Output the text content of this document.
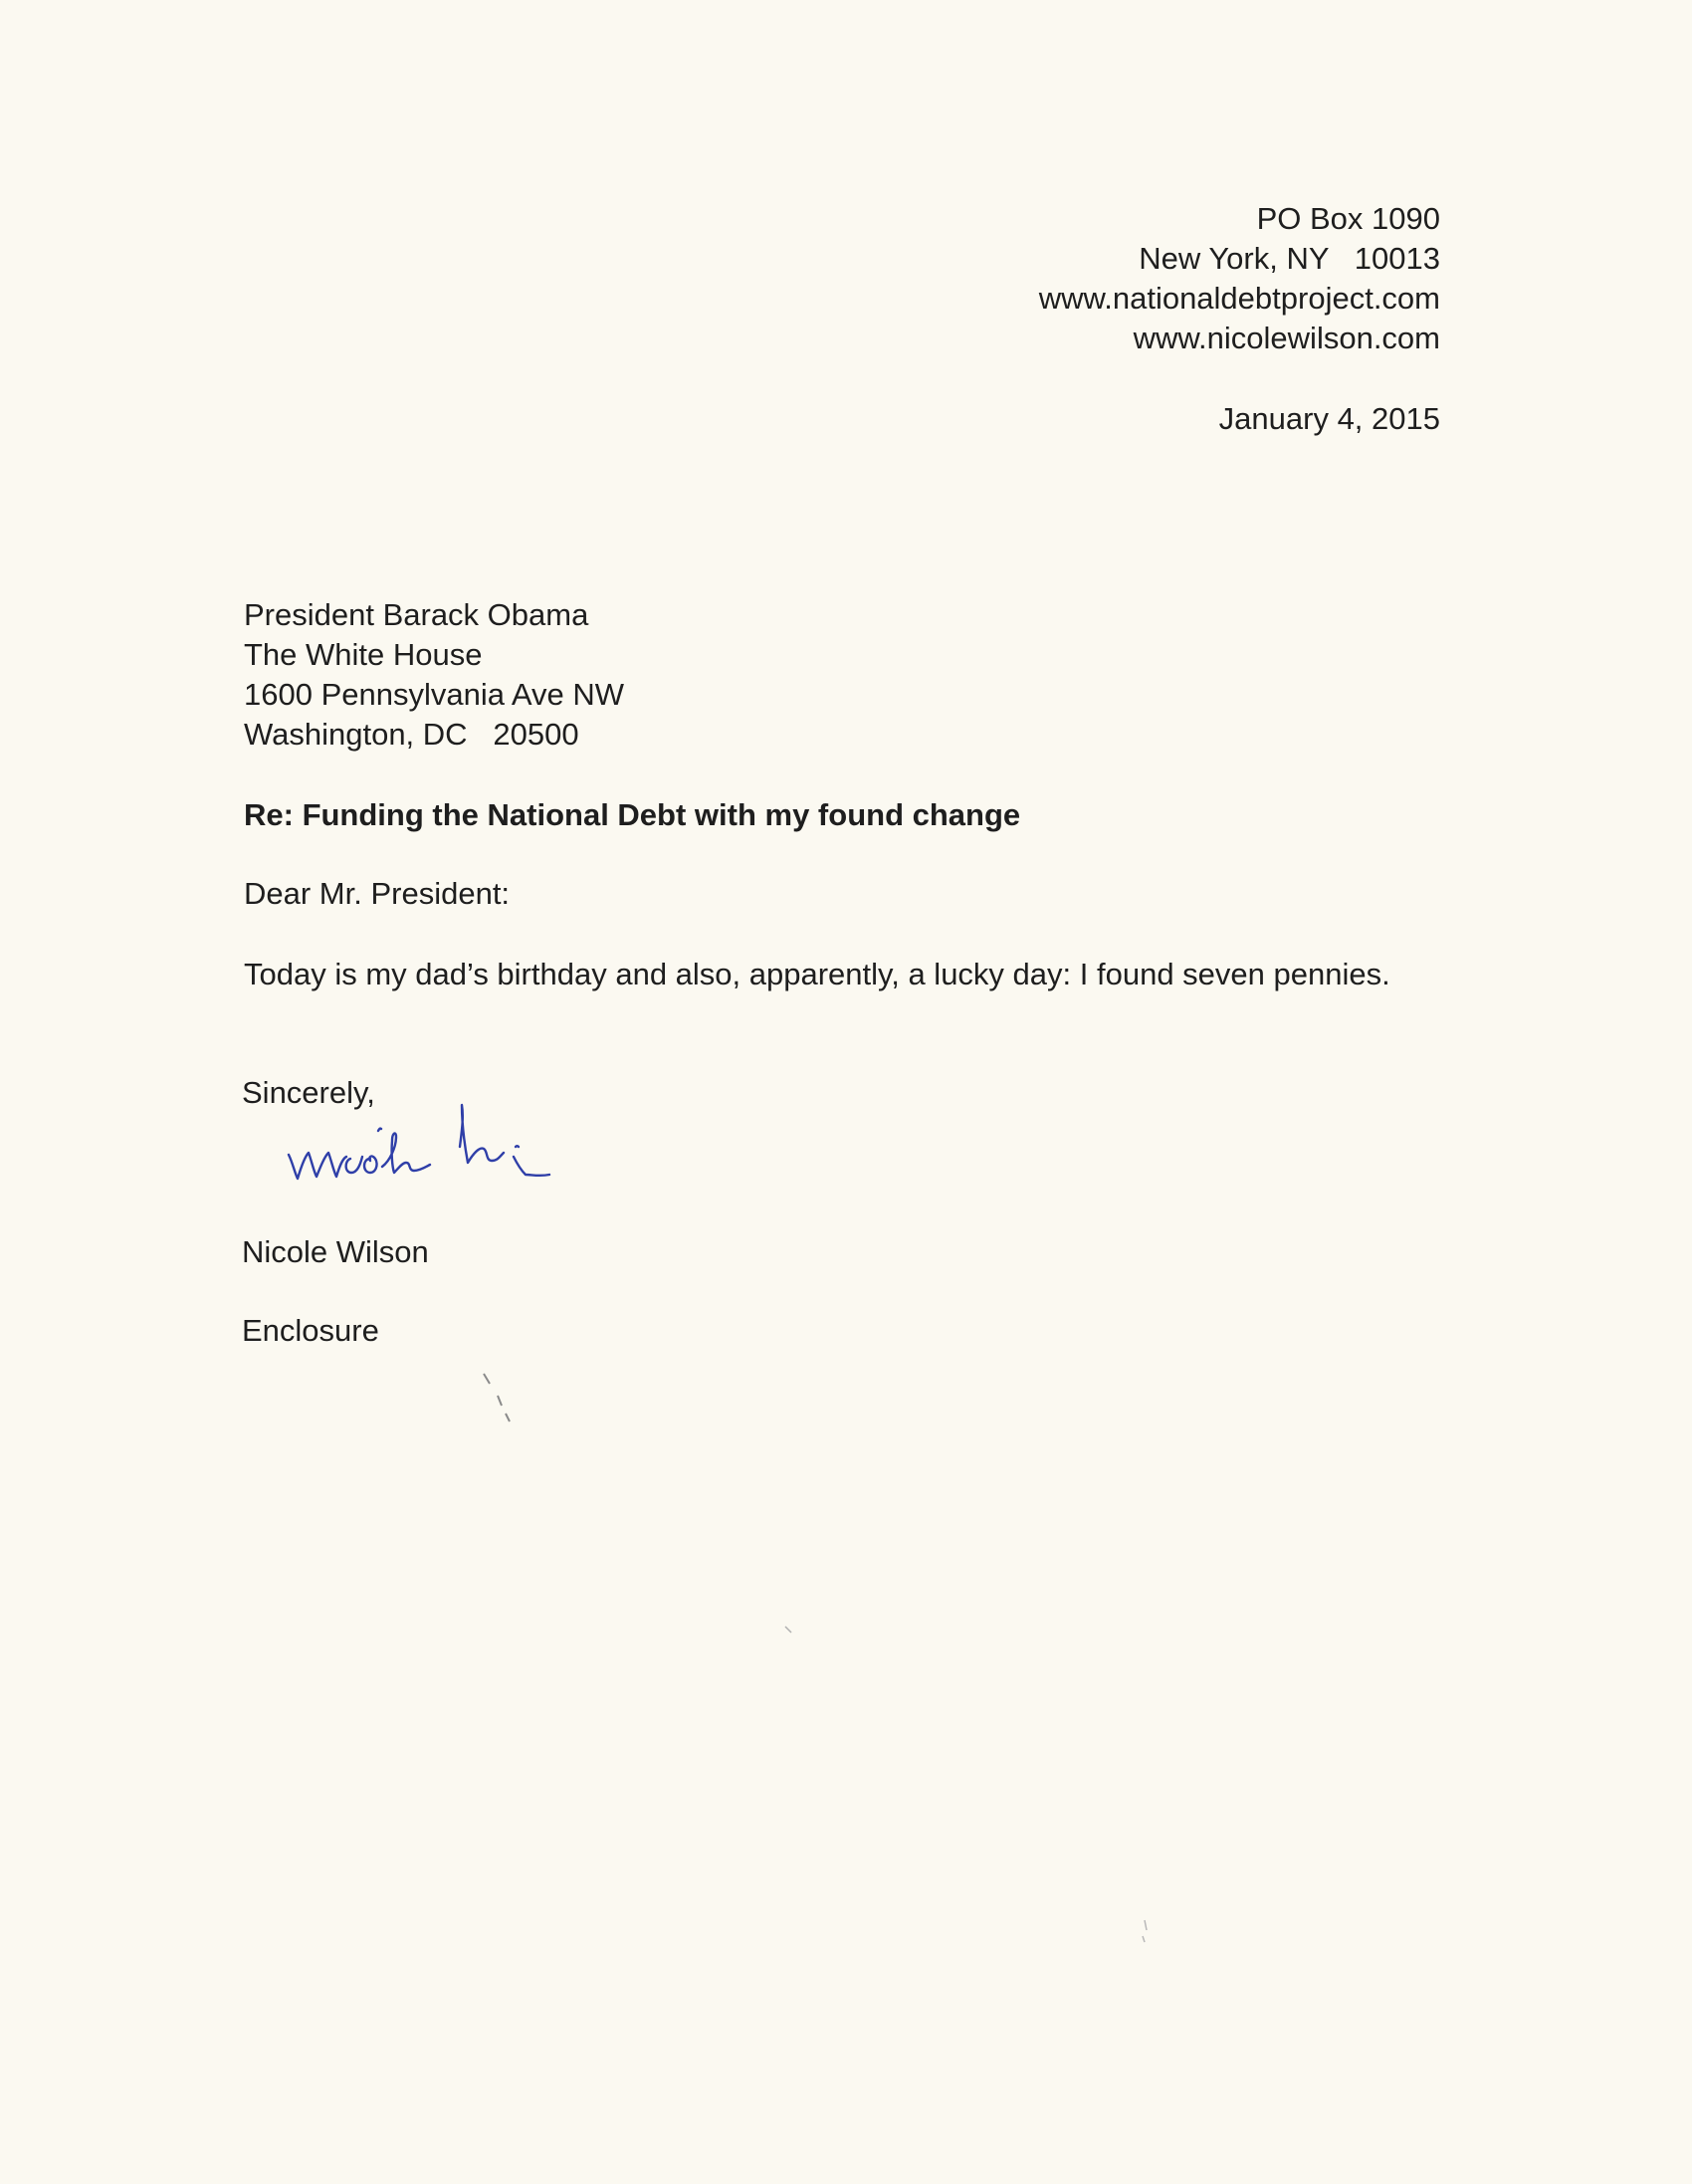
PO Box 1090
New York, NY   10013
www.nationaldebtproject.com
www.nicolewilson.com
January 4, 2015
President Barack Obama
The White House
1600 Pennsylvania Ave NW
Washington, DC   20500
Re: Funding the National Debt with my found change
Dear Mr. President:
Today is my dad’s birthday and also, apparently, a lucky day: I found seven pennies.
Sincerely,
Nicole Wilson
Enclosure
